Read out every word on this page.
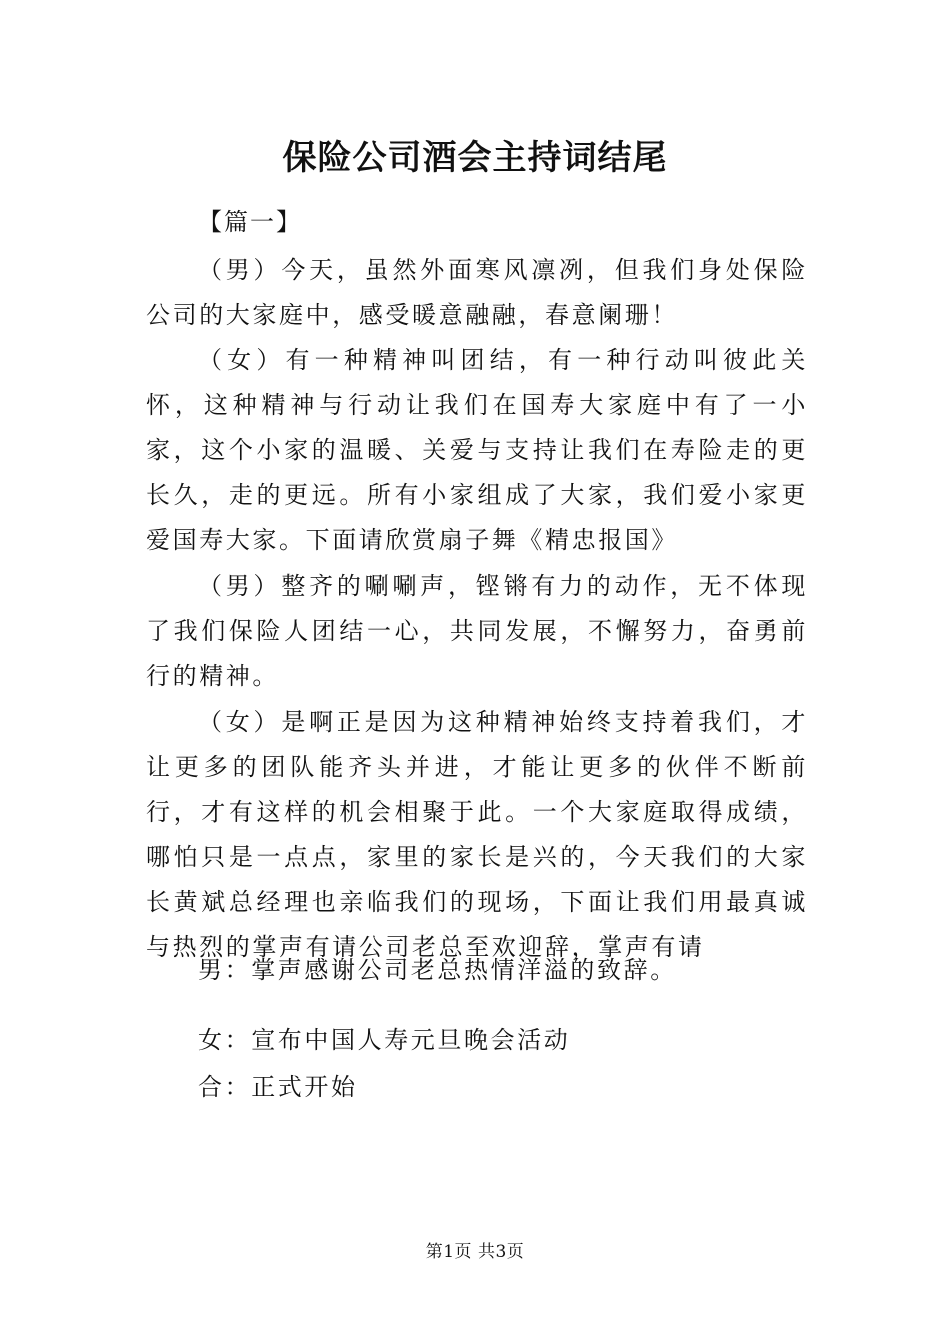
保险公司酒会主持词结尾
【篇一】

（男）今天，虽然外面寒风凛冽，但我们身处保险公司的大家庭中，感受暖意融融，春意阑珊！

（女）有一种精神叫团结，有一种行动叫彼此关怀，这种精神与行动让我们在国寿大家庭中有了一小家，这个小家的温暖、关爱与支持让我们在寿险走的更长久，走的更远。所有小家组成了大家，我们爱小家更爱国寿大家。下面请欣赏扇子舞《精忠报国》

（男）整齐的唰唰声，铿锵有力的动作，无不体现了我们保险人团结一心，共同发展，不懈努力，奋勇前行的精神。

（女）是啊正是因为这种精神始终支持着我们，才让更多的团队能齐头并进，才能让更多的伙伴不断前行，才有这样的机会相聚于此。一个大家庭取得成绩，哪怕只是一点点，家里的家长是兴的，今天我们的大家长黄斌总经理也亲临我们的现场，下面让我们用最真诚与热烈的掌声有请公司老总至欢迎辞，掌声有请

男：掌声感谢公司老总热情洋溢的致辞。

女：宣布中国人寿元旦晚会活动

合：正式开始

第1页 共3页
